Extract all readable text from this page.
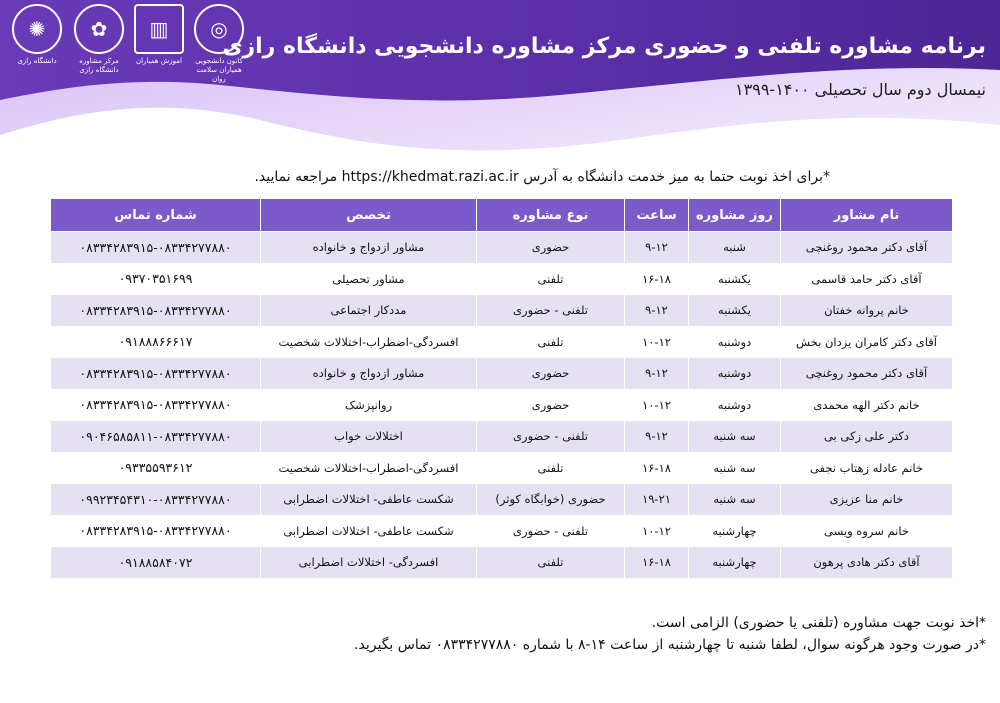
◎
کانون دانشجویی همیاران سلامت روان
▥
اموزش همیاران
✿
مرکز مشاوره دانشگاه رازی
✺
دانشگاه رازی
برنامه مشاوره تلفنی و حضوری مرکز مشاوره دانشجویی دانشگاه رازی
نیمسال دوم سال تحصیلی ۱۴۰۰-۱۳۹۹
*برای اخذ نوبت حتما به میز خدمت دانشگاه به آدرس https://khedmat.razi.ac.ir مراجعه نمایید.
نام مشاور	روز مشاوره	ساعت	نوع مشاوره	تخصص	شماره تماس
آقای دکتر محمود روغنچی	شنبه	۹-۱۲	حضوری	مشاور ازدواج و خانواده	۰۸۳۳۴۲۸۳۹۱۵-۰۸۳۳۴۲۷۷۸۸۰
آقای دکتر حامد قاسمی	یکشنبه	۱۶-۱۸	تلفنی	مشاور تحصیلی	۰۹۳۷۰۳۵۱۶۹۹
خانم پروانه خفتان	یکشنبه	۹-۱۲	تلفنی - حضوری	مددکار اجتماعی	۰۸۳۳۴۲۸۳۹۱۵-۰۸۳۳۴۲۷۷۸۸۰
آقای دکتر کامران یزدان بخش	دوشنبه	۱۰-۱۲	تلفنی	افسردگی-اضطراب-اختلالات شخصیت	۰۹۱۸۸۸۶۶۶۱۷
آقای دکتر محمود روغنچی	دوشنبه	۹-۱۲	حضوری	مشاور ازدواج و خانواده	۰۸۳۳۴۲۸۳۹۱۵-۰۸۳۳۴۲۷۷۸۸۰
خانم دکتر الهه محمدی	دوشنبه	۱۰-۱۲	حضوری	روانپزشک	۰۸۳۳۴۲۸۳۹۱۵-۰۸۳۳۴۲۷۷۸۸۰
دکتر علی زکی بی	سه شنبه	۹-۱۲	تلفنی - حضوری	اختلالات خواب	۰۹۰۴۶۵۸۵۸۱۱-۰۸۳۳۴۲۷۷۸۸۰
خانم عادله زهتاب نجفی	سه شنبه	۱۶-۱۸	تلفنی	افسردگی-اضطراب-اختلالات شخصیت	۰۹۳۳۵۵۹۳۶۱۲
خانم منا عزیزی	سه شنبه	۱۹-۲۱	حضوری (خوابگاه کوثر)	شکست عاطفی- اختلالات اضطرابی	۰۹۹۲۳۴۵۴۳۱۰-۰۸۳۳۴۲۷۷۸۸۰
خانم سروه ویسی	چهارشنبه	۱۰-۱۲	تلفنی - حضوری	شکست عاطفی- اختلالات اضطرابی	۰۸۳۳۴۲۸۳۹۱۵-۰۸۳۳۴۲۷۷۸۸۰
آقای دکتر هادی پرهون	چهارشنبه	۱۶-۱۸	تلفنی	افسردگی- اختلالات اضطرابی	۰۹۱۸۸۵۸۴۰۷۲
*اخذ نوبت جهت مشاوره (تلفنی یا حضوری) الزامی است.
*در صورت وجود هرگونه سوال، لطفا شنبه تا چهارشنبه از ساعت ۱۴-۸ با شماره ۰۸۳۳۴۲۷۷۸۸۰ تماس بگیرید.
